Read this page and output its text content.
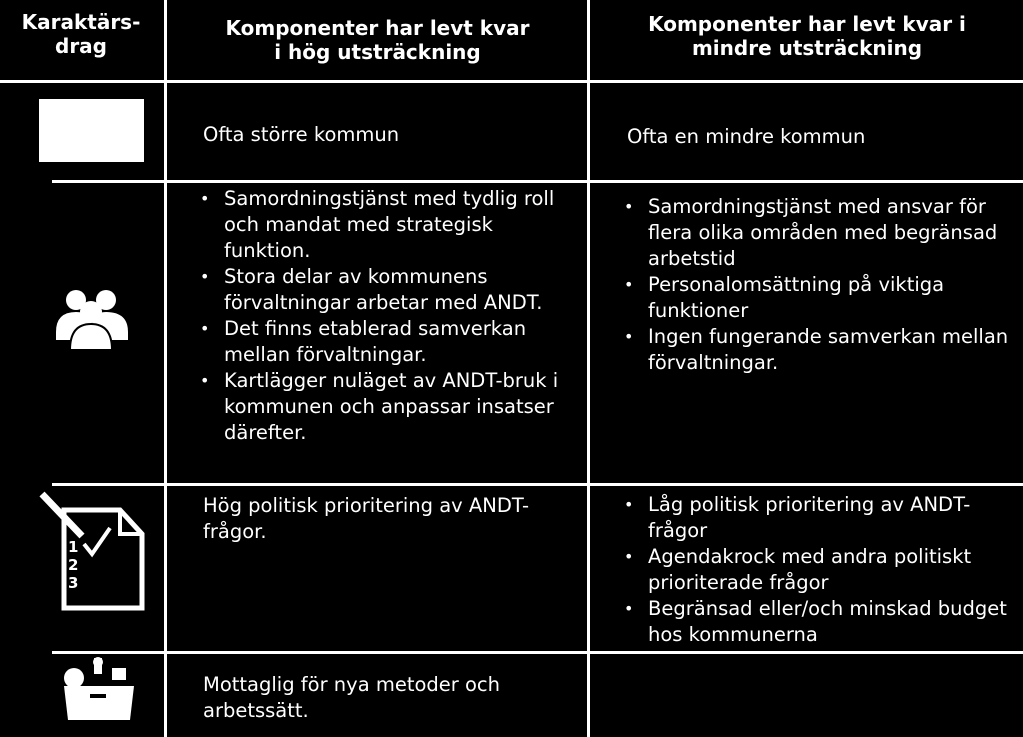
Karaktärs-
drag
Komponenter har levt kvar
i hög utsträckning
Komponenter har levt kvar i
mindre utsträckning
1
2
3
Ofta större kommun	Ofta en mindre kommun
• Samordningstjänst med tydlig roll och mandat med strategisk funktion.
• Stora delar av kommunens förvaltningar arbetar med ANDT.
• Det finns etablerad samverkan mellan förvaltningar.
• Kartlägger nuläget av ANDT-bruk i kommunen och anpassar insatser därefter.
• Samordningstjänst med ansvar för flera olika områden med begränsad arbetstid
• Personalomsättning på viktiga funktioner
• Ingen fungerande samverkan mellan förvaltningar.
Hög politisk prioritering av ANDT-frågor.
• Låg politisk prioritering av ANDT-frågor
• Agendakrock med andra politiskt prioriterade frågor
• Begränsad eller/och minskad budget hos kommunerna
Mottaglig för nya metoder och arbetssätt.
